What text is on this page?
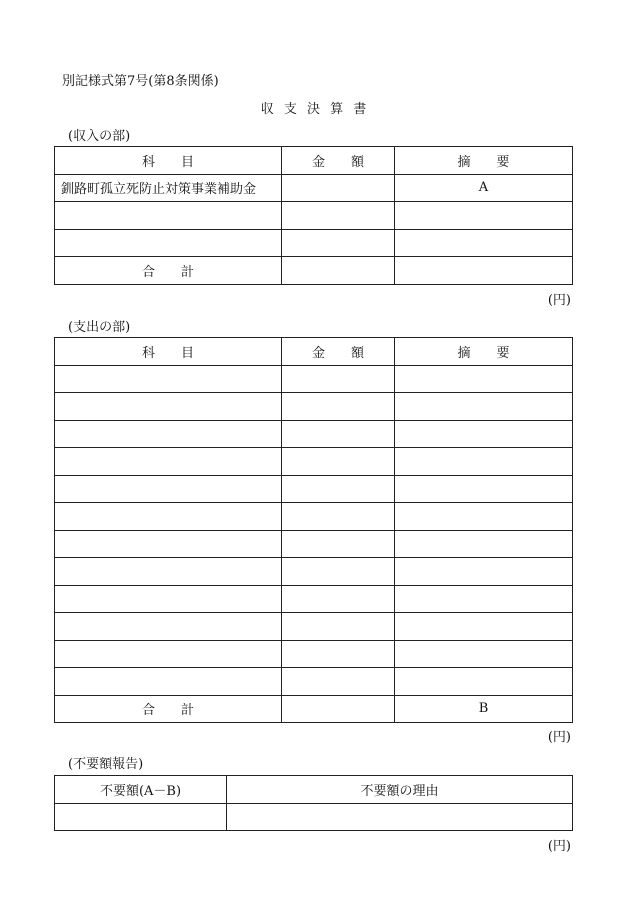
別記様式第7号(第8条関係)
収 支 決 算 書
(収入の部)
科　　目	金　　額	摘　　要
釧路町孤立死防止対策事業補助金		A

合　　計		
(円)
(支出の部)
科　　目	金　　額	摘　　要

合　　計		B
(円)
(不要額報告)
不要額(A－B)	不要額の理由

(円)
